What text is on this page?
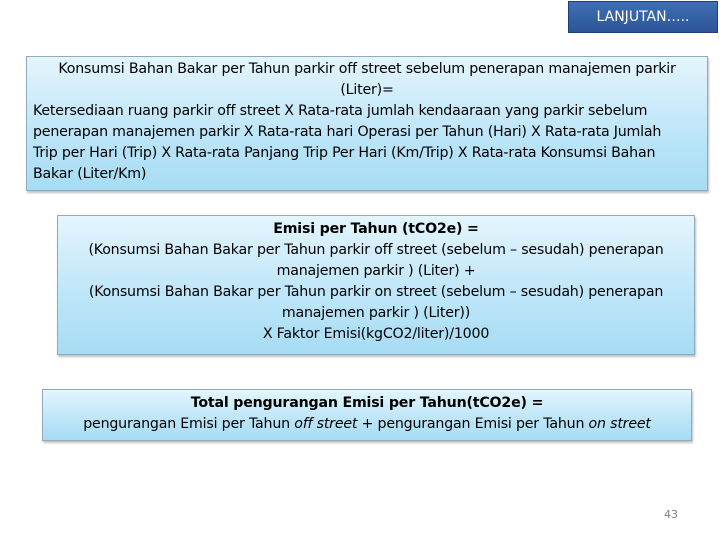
LANJUTAN…..
Konsumsi Bahan Bakar per Tahun parkir off street sebelum penerapan manajemen parkir
(Liter)=
Ketersediaan ruang parkir off street X Rata-rata jumlah kendaaraan yang parkir sebelum
penerapan manajemen parkir X Rata-rata hari Operasi per Tahun (Hari) X Rata-rata Jumlah
Trip per Hari (Trip) X Rata-rata Panjang Trip Per Hari (Km/Trip) X Rata-rata Konsumsi Bahan
Bakar (Liter/Km)
Emisi per Tahun (tCO2e) =
(Konsumsi Bahan Bakar per Tahun parkir off street (sebelum – sesudah) penerapan
manajemen parkir ) (Liter) +
(Konsumsi Bahan Bakar per Tahun parkir on street (sebelum – sesudah) penerapan
manajemen parkir ) (Liter))
X Faktor Emisi(kgCO2/liter)/1000
Total pengurangan Emisi per Tahun(tCO2e) =
pengurangan Emisi per Tahun off street + pengurangan Emisi per Tahun on street
43
